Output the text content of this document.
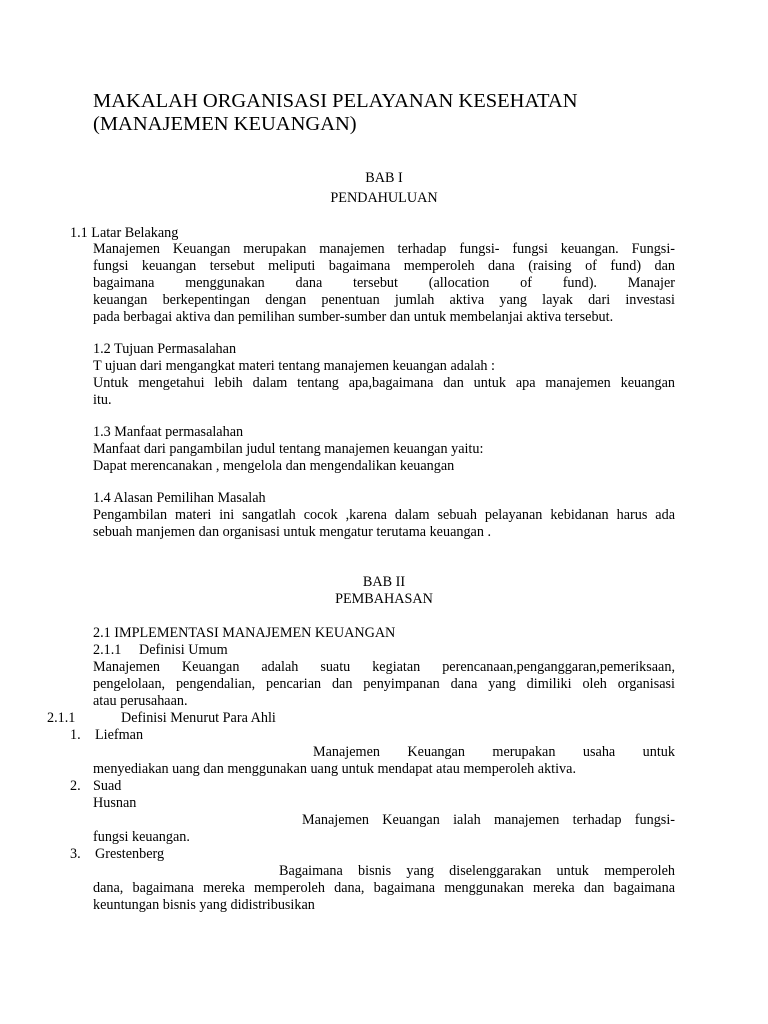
MAKALAH ORGANISASI PELAYANAN KESEHATAN
(MANAJEMEN KEUANGAN)
BAB I
PENDAHULUAN
1.1 Latar Belakang
Manajemen Keuangan merupakan manajemen terhadap fungsi- fungsi keuangan. Fungsi-
fungsi keuangan tersebut meliputi bagaimana memperoleh dana (raising of fund) dan
bagaimana menggunakan dana tersebut (allocation of fund). Manajer
keuangan berkepentingan dengan penentuan jumlah aktiva yang layak dari investasi
pada berbagai aktiva dan pemilihan sumber-sumber dan untuk membelanjai aktiva tersebut.
1.2 Tujuan Permasalahan
T ujuan dari mengangkat materi tentang manajemen keuangan adalah :
Untuk mengetahui lebih dalam tentang apa,bagaimana dan untuk apa manajemen keuangan
itu.
1.3 Manfaat permasalahan
Manfaat dari pangambilan judul tentang manajemen keuangan yaitu:
Dapat merencanakan , mengelola dan mengendalikan keuangan
1.4 Alasan Pemilihan Masalah
Pengambilan materi ini sangatlah cocok ,karena dalam sebuah pelayanan kebidanan harus ada
sebuah manjemen dan organisasi untuk mengatur terutama keuangan .
BAB II
PEMBAHASAN
2.1 IMPLEMENTASI MANAJEMEN KEUANGAN
2.1.1 Definisi Umum
Manajemen Keuangan adalah suatu kegiatan perencanaan,penganggaran,pemeriksaan,
pengelolaan, pengendalian, pencarian dan penyimpanan dana yang dimiliki oleh organisasi
atau perusahaan.
2.1.1	Definisi Menurut Para Ahli
1. Liefman
Manajemen Keuangan merupakan usaha untuk
menyediakan uang dan menggunakan uang untuk mendapat atau memperoleh aktiva.
2. Suad
Husnan
Manajemen Keuangan ialah manajemen terhadap fungsi-
fungsi keuangan.
3. Grestenberg
Bagaimana bisnis yang diselenggarakan untuk memperoleh
dana, bagaimana mereka memperoleh dana, bagaimana menggunakan mereka dan bagaimana
keuntungan bisnis yang didistribusikan
